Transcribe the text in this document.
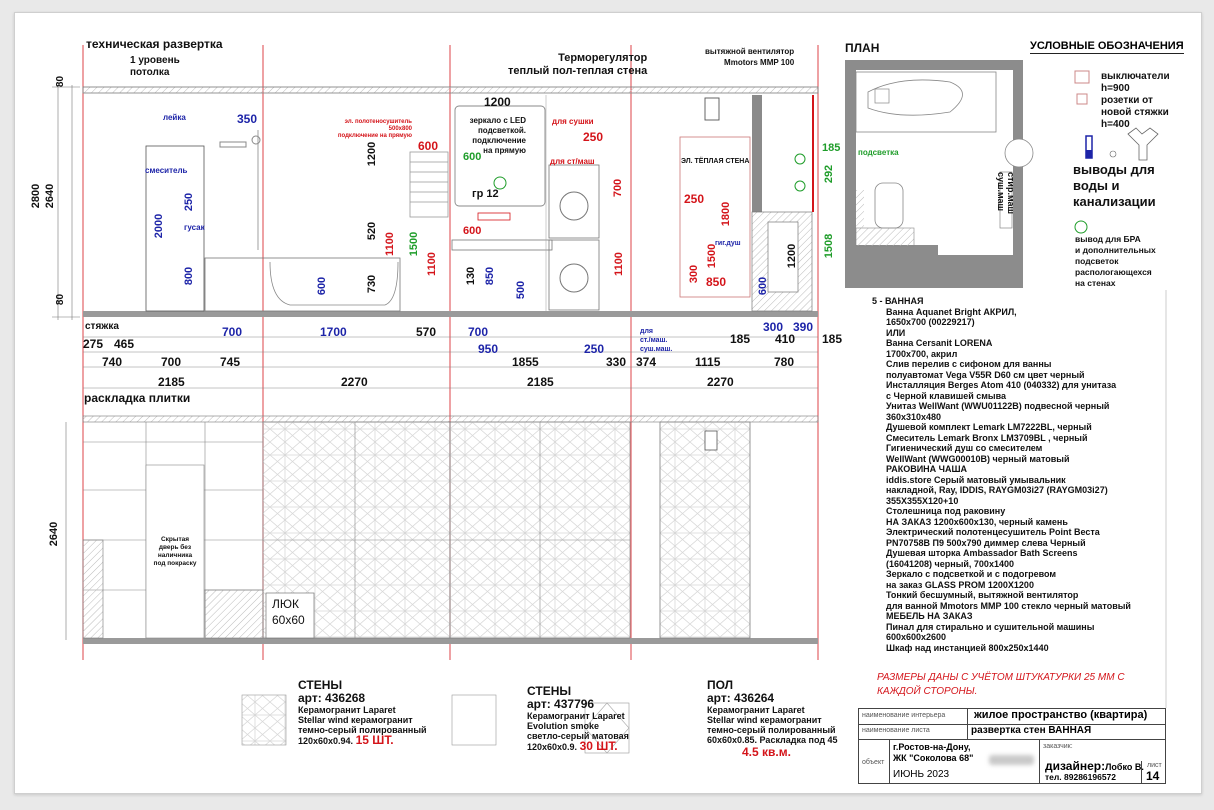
техническая развертка
1 уровень
потолка
стяжка
Терморегулятор
теплый пол-теплая стена
вытяжной вентилятор
Mmotors MMP 100
лейка
смеситель
гусак
350	эл. полотеносушитель
500х800
подключение на прямую
600
1200
зеркало с LED
подсветкой.
подключение
на прямую
600
гр 12
600
для сушки
250
для ст/маш	ЭЛ. ТЁПЛАЯ СТЕНА
250
гиг.душ
850
185 подсветка
для
ст./маш.
суш.маш.
2800 2640
80
80
2000
250
800
600
1200
520
730
1100 1500
1100
130 850
500
700
1100
1800
1500
300
600
1200
292
1508
700	1700	570	700
275 465	950	250
740	700	745	1855	330 374	1115	780
300 390
185 410 185
2185	2270	2185	2270
раскладка плитки
2640	Скрытая
дверь без
наличника
под покраску
ЛЮК
60x60
СТЕНЫ
арт: 436268
Керамогранит Laparet
Stellar wind керамогранит
темно-серый полированный
120х60х0.94. 15 ШТ.
СТЕНЫ
арт: 437796
Керамогранит Laparet
Evolution smoke
светло-серый матовая
120х60х0.9. 30 ШТ.
ПОЛ
арт: 436264
Керамогранит Laparet
Stellar wind керамогранит
темно-серый полированный
60х60х0.85. Раскладка под 45
4.5 кв.м.
ПЛАН
стир.маш
суш.маш
УСЛОВНЫЕ ОБОЗНАЧЕНИЯ
выключатели
h=900
розетки от
новой стяжки
h=400
выводы для
воды и
канализации
вывод для БРА
и дополнительных
подсветок
распологающехся
на стенах
5 - ВАННАЯ
Ванна Aquanet Bright АКРИЛ,
1650х700 (00229217)
ИЛИ
Ванна Cersanit LORENA
1700х700, акрил
Слив перелив с сифоном для ванны
полуавтомат Vega V55R D60 см цвет черный
Инсталляция Berges Atom 410 (040332) для унитаза
с Черной клавишей смыва
Унитаз WellWant (WWU01122B) подвесной черный
360х310х480
Душевой комплект Lemark LM7222BL, черный
Смеситель Lemark Bronx LM3709BL , черный
Гигиенический душ со смесителем
WellWant (WWG00010B) черный матовый
РАКОВИНА ЧАША
iddis.store Серый матовый умывальник
накладной, Ray, IDDIS, RAYGM03i27 (RAYGM03i27)
355X355X120+10
Столешница под раковину
НА ЗАКАЗ 1200х600х130, черный камень
Электрический полотенцесушитель Point Веста
PN70758B П9 500х790 диммер слева Черный
Душевая шторка Ambassador Bath Screens
(16041208) черный, 700х1400
Зеркало с подсветкой и с подогревом
на заказ GLASS PROM 1200X1200
Тонкий бесшумный, вытяжной вентилятор
для ванной Mmotors MMP 100 стекло черный матовый
МЕБЕЛЬ НА ЗАКАЗ
Пинал для стирально и сушительной машины
600х600х2600
Шкаф над инстанцией 800х250х1440
РАЗМЕРЫ ДАНЫ С УЧЁТОМ ШТУКАТУРКИ 25 ММ С
КАЖДОЙ СТОРОНЫ.
наименование интерьера	жилое пространство (квартира)
наименование листа	развертка стен ВАННАЯ
объект
г.Ростов-на-Дону,
ЖК "Соколова 68"
ИЮНЬ 2023
заказчик:
дизайнер:Лобко В.
тел. 89286196572
лист
14
